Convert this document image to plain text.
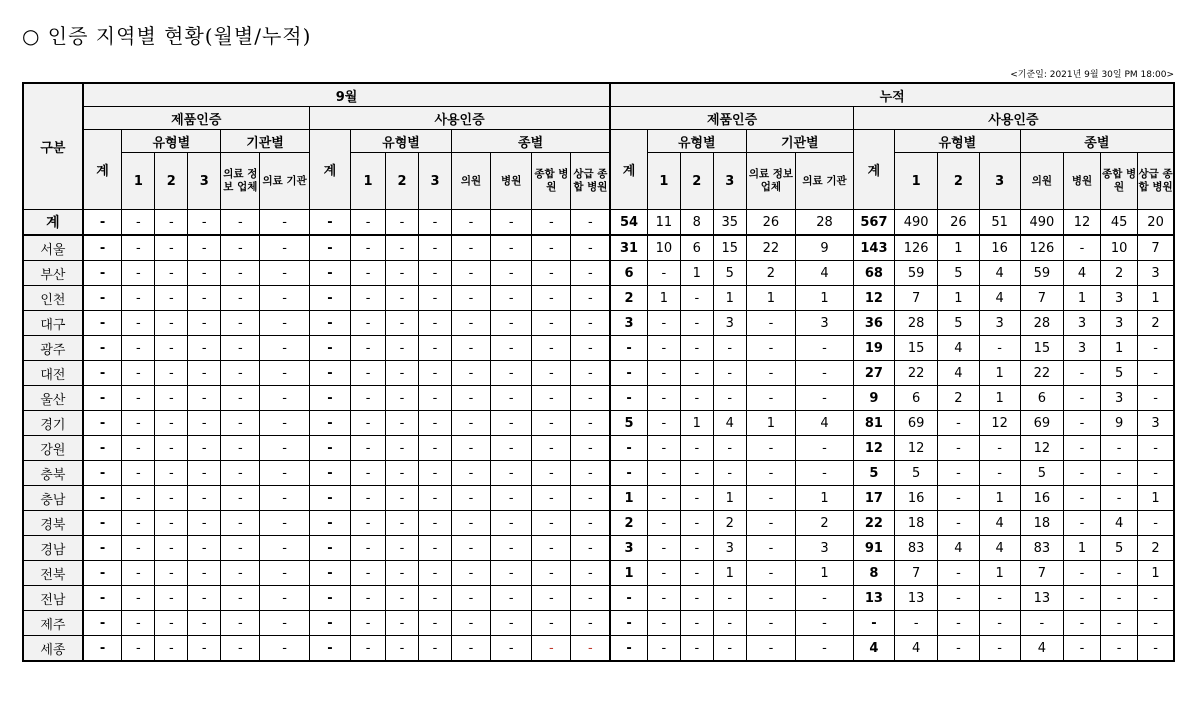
○ 인증 지역별 현황(월별/누적)
<기준일: 2021년 9월 30일 PM 18:00>
구분	9월														누적													
	제품인증						사용인증								제품인증						사용인증							
	계	유형별			기관별		계	유형별			종별				계	유형별			기관별		계	유형별			종별			
		1	2	3	의료 정보 업체	의료 기관		1	2	3	의원	병원	종합 병원	상급 종합 병원		1	2	3	의료 정보 업체	의료 기관		1	2	3	의원	병원	종합 병원	상급 종합 병원
계	-	-	-	-	-	-	-	-	-	-	-	-	-	-	54	11	8	35	26	28	567	490	26	51	490	12	45	20
서울	-	-	-	-	-	-	-	-	-	-	-	-	-	-	31	10	6	15	22	9	143	126	1	16	126	-	10	7
부산	-	-	-	-	-	-	-	-	-	-	-	-	-	-	6	-	1	5	2	4	68	59	5	4	59	4	2	3
인천	-	-	-	-	-	-	-	-	-	-	-	-	-	-	2	1	-	1	1	1	12	7	1	4	7	1	3	1
대구	-	-	-	-	-	-	-	-	-	-	-	-	-	-	3	-	-	3	-	3	36	28	5	3	28	3	3	2
광주	-	-	-	-	-	-	-	-	-	-	-	-	-	-	-	-	-	-	-	-	19	15	4	-	15	3	1	-
대전	-	-	-	-	-	-	-	-	-	-	-	-	-	-	-	-	-	-	-	-	27	22	4	1	22	-	5	-
울산	-	-	-	-	-	-	-	-	-	-	-	-	-	-	-	-	-	-	-	-	9	6	2	1	6	-	3	-
경기	-	-	-	-	-	-	-	-	-	-	-	-	-	-	5	-	1	4	1	4	81	69	-	12	69	-	9	3
강원	-	-	-	-	-	-	-	-	-	-	-	-	-	-	-	-	-	-	-	-	12	12	-	-	12	-	-	-
충북	-	-	-	-	-	-	-	-	-	-	-	-	-	-	-	-	-	-	-	-	5	5	-	-	5	-	-	-
충남	-	-	-	-	-	-	-	-	-	-	-	-	-	-	1	-	-	1	-	1	17	16	-	1	16	-	-	1
경북	-	-	-	-	-	-	-	-	-	-	-	-	-	-	2	-	-	2	-	2	22	18	-	4	18	-	4	-
경남	-	-	-	-	-	-	-	-	-	-	-	-	-	-	3	-	-	3	-	3	91	83	4	4	83	1	5	2
전북	-	-	-	-	-	-	-	-	-	-	-	-	-	-	1	-	-	1	-	1	8	7	-	1	7	-	-	1
전남	-	-	-	-	-	-	-	-	-	-	-	-	-	-	-	-	-	-	-	-	13	13	-	-	13	-	-	-
제주	-	-	-	-	-	-	-	-	-	-	-	-	-	-	-	-	-	-	-	-	-	-	-	-	-	-	-	-
세종	-	-	-	-	-	-	-	-	-	-	-	-	-	-	-	-	-	-	-	-	4	4	-	-	4	-	-	-
